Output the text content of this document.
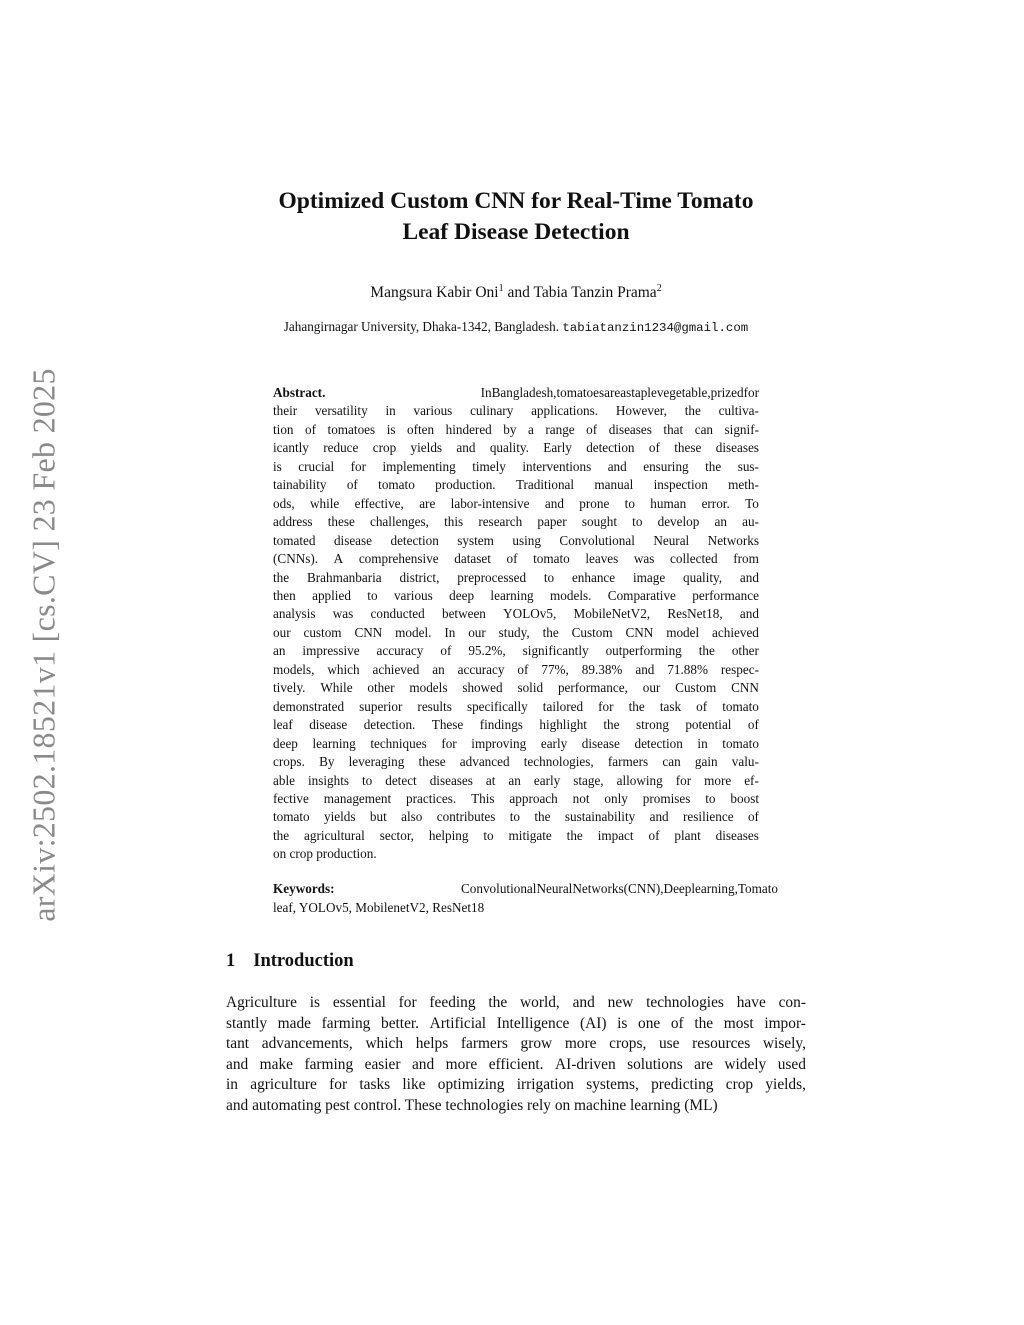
arXiv:2502.18521v1 [cs.CV] 23 Feb 2025
Optimized Custom CNN for Real-Time Tomato
Leaf Disease Detection
Mangsura Kabir Oni$^1$ and Tabia Tanzin Prama$^2$
Jahangirnagar University, Dhaka-1342, Bangladesh. tabiatanzin1234@gmail.com
Abstract.	In Bangladesh, tomatoes are a staple vegetable, prized for
their versatility in various culinary applications. However, the cultiva-
tion of tomatoes is often hindered by a range of diseases that can signif-
icantly reduce crop yields and quality. Early detection of these diseases
is crucial for implementing timely interventions and ensuring the sus-
tainability of tomato production. Traditional manual inspection meth-
ods, while effective, are labor-intensive and prone to human error. To
address these challenges, this research paper sought to develop an au-
tomated disease detection system using Convolutional Neural Networks
(CNNs). A comprehensive dataset of tomato leaves was collected from
the Brahmanbaria district, preprocessed to enhance image quality, and
then applied to various deep learning models. Comparative performance
analysis was conducted between YOLOv5, MobileNetV2, ResNet18, and
our custom CNN model. In our study, the Custom CNN model achieved
an impressive accuracy of 95.2%, significantly outperforming the other
models, which achieved an accuracy of 77%, 89.38% and 71.88% respec-
tively. While other models showed solid performance, our Custom CNN
demonstrated superior results specifically tailored for the task of tomato
leaf disease detection. These findings highlight the strong potential of
deep learning techniques for improving early disease detection in tomato
crops. By leveraging these advanced technologies, farmers can gain valu-
able insights to detect diseases at an early stage, allowing for more ef-
fective management practices. This approach not only promises to boost
tomato yields but also contributes to the sustainability and resilience of
the agricultural sector, helping to mitigate the impact of plant diseases
on crop production.
Keywords:	Convolutional Neural Networks (CNN),Deep learning, Tomato
leaf, YOLOv5, MobilenetV2, ResNet18
1 Introduction
Agriculture is essential for feeding the world, and new technologies have con-
stantly made farming better. Artificial Intelligence (AI) is one of the most impor-
tant advancements, which helps farmers grow more crops, use resources wisely,
and make farming easier and more efficient. AI-driven solutions are widely used
in agriculture for tasks like optimizing irrigation systems, predicting crop yields,
and automating pest control. These technologies rely on machine learning (ML)
